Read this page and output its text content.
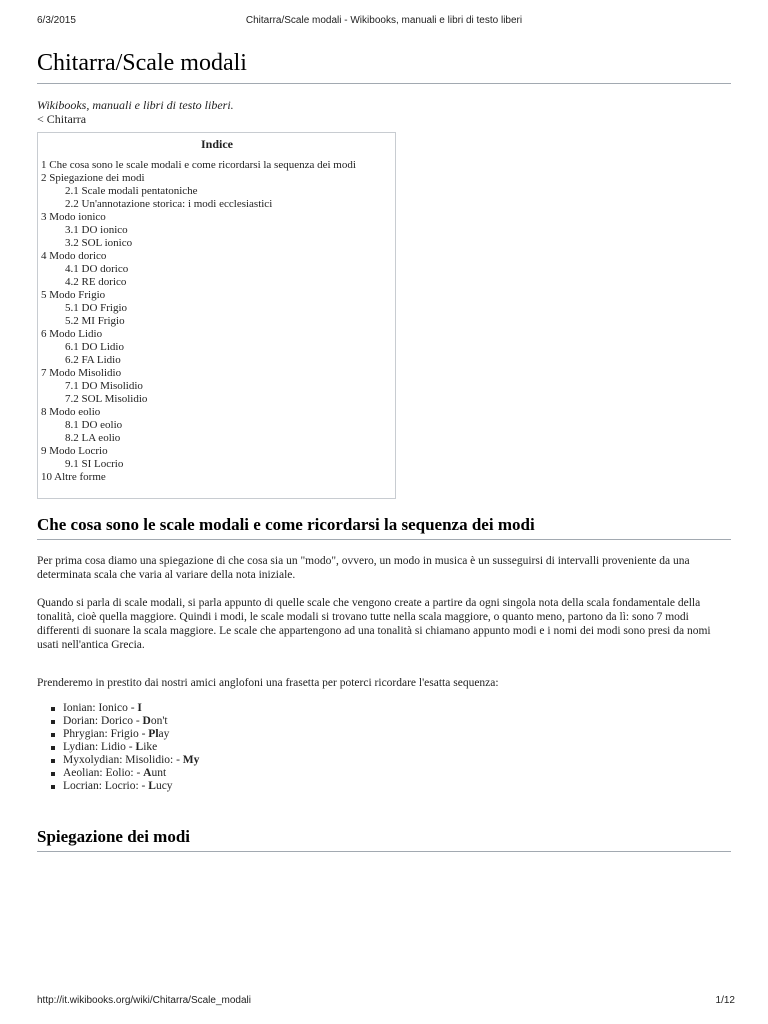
6/3/2015	Chitarra/Scale modali - Wikibooks, manuali e libri di testo liberi
Chitarra/Scale modali
Wikibooks, manuali e libri di testo liberi.
< Chitarra
Indice
1 Che cosa sono le scale modali e come ricordarsi la sequenza dei modi
2 Spiegazione dei modi
2.1 Scale modali pentatoniche
2.2 Un'annotazione storica: i modi ecclesiastici
3 Modo ionico
3.1 DO ionico
3.2 SOL ionico
4 Modo dorico
4.1 DO dorico
4.2 RE dorico
5 Modo Frigio
5.1 DO Frigio
5.2 MI Frigio
6 Modo Lidio
6.1 DO Lidio
6.2 FA Lidio
7 Modo Misolidio
7.1 DO Misolidio
7.2 SOL Misolidio
8 Modo eolio
8.1 DO eolio
8.2 LA eolio
9 Modo Locrio
9.1 SI Locrio
10 Altre forme
Che cosa sono le scale modali e come ricordarsi la sequenza dei modi

Per prima cosa diamo una spiegazione di che cosa sia un "modo", ovvero, un modo in musica è un susseguirsi di intervalli proveniente da una determinata scala che varia al variare della nota iniziale.

Quando si parla di scale modali, si parla appunto di quelle scale che vengono create a partire da ogni singola nota della scala fondamentale della tonalità, cioè quella maggiore. Quindi i modi, le scale modali si trovano tutte nella scala maggiore, o quanto meno, partono da lì: sono 7 modi differenti di suonare la scala maggiore. Le scale che appartengono ad una tonalità si chiamano appunto modi e i nomi dei modi sono presi da nomi usati nell'antica Grecia.

Prenderemo in prestito dai nostri amici anglofoni una frasetta per poterci ricordare l'esatta sequenza:

Ionian: Ionico - I
Dorian: Dorico - Don't
Phrygian: Frigio - Play
Lydian: Lidio - Like
Myxolydian: Misolidio: - My
Aeolian: Eolio: - Aunt
Locrian: Locrio: - Lucy
Spiegazione dei modi
http://it.wikibooks.org/wiki/Chitarra/Scale_modali	1/12
